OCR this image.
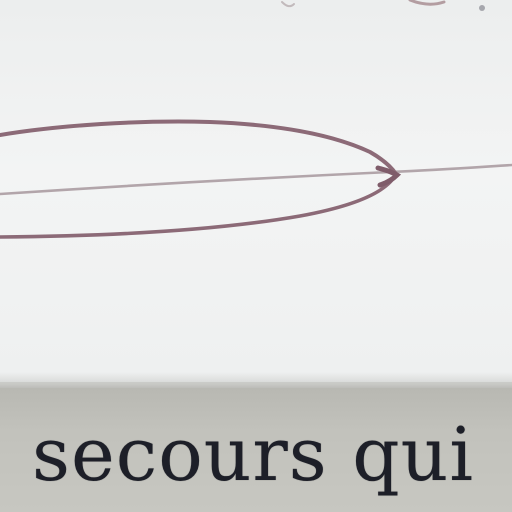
secours qui
